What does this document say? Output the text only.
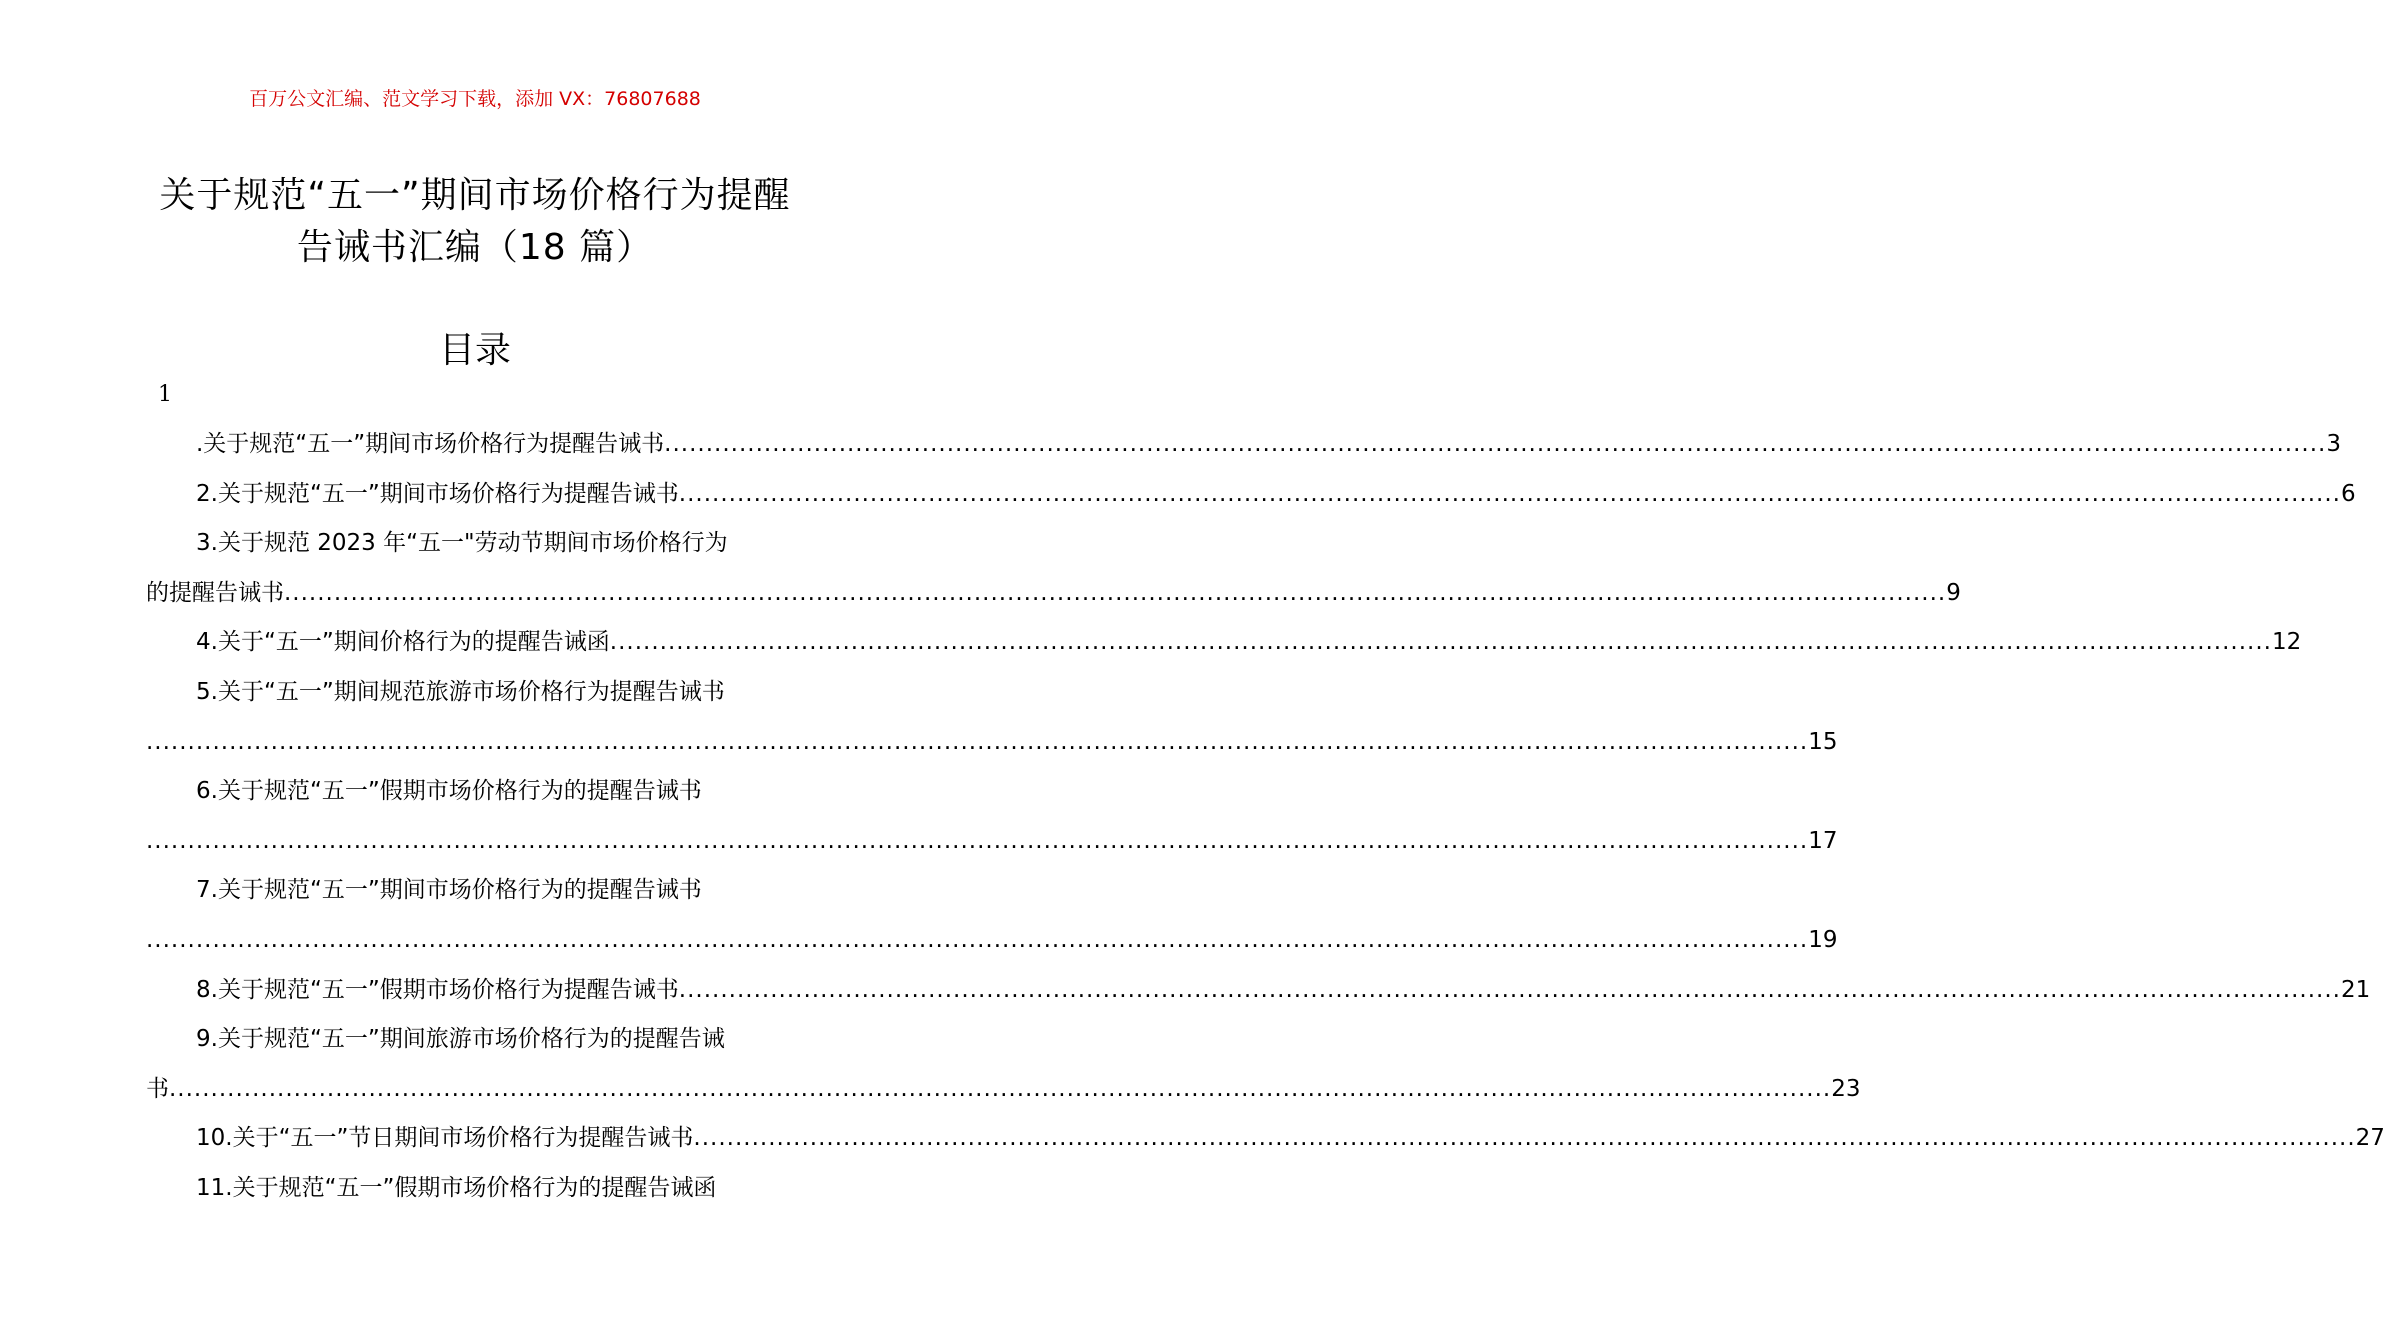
百万公文汇编、范文学习下载，添加 VX：76807688
关于规范“五一”期间市场价格行为提醒
告诫书汇编（18 篇）
目录
1
.关于规范“五一”期间市场价格行为提醒告诫书 ........................................................................................................................................................................................................ 3
2.关于规范“五一”期间市场价格行为提醒告诫书 ........................................................................................................................................................................................................ 6
3.关于规范 2023 年“五一"劳动节期间市场价格行为
的提醒告诫书 ........................................................................................................................................................................................................ 9
4.关于“五一”期间价格行为的提醒告诫函 ........................................................................................................................................................................................................ 12
5.关于“五一”期间规范旅游市场价格行为提醒告诫书
........................................................................................................................................................................................................ 15
6.关于规范“五一”假期市场价格行为的提醒告诫书
........................................................................................................................................................................................................ 17
7.关于规范“五一”期间市场价格行为的提醒告诫书
........................................................................................................................................................................................................ 19
8.关于规范“五一”假期市场价格行为提醒告诫书 ........................................................................................................................................................................................................ 21
9.关于规范“五一”期间旅游市场价格行为的提醒告诫
书 ........................................................................................................................................................................................................ 23
10.关于“五一”节日期间市场价格行为提醒告诫书 ........................................................................................................................................................................................................ 27
11.关于规范“五一”假期市场价格行为的提醒告诫函
